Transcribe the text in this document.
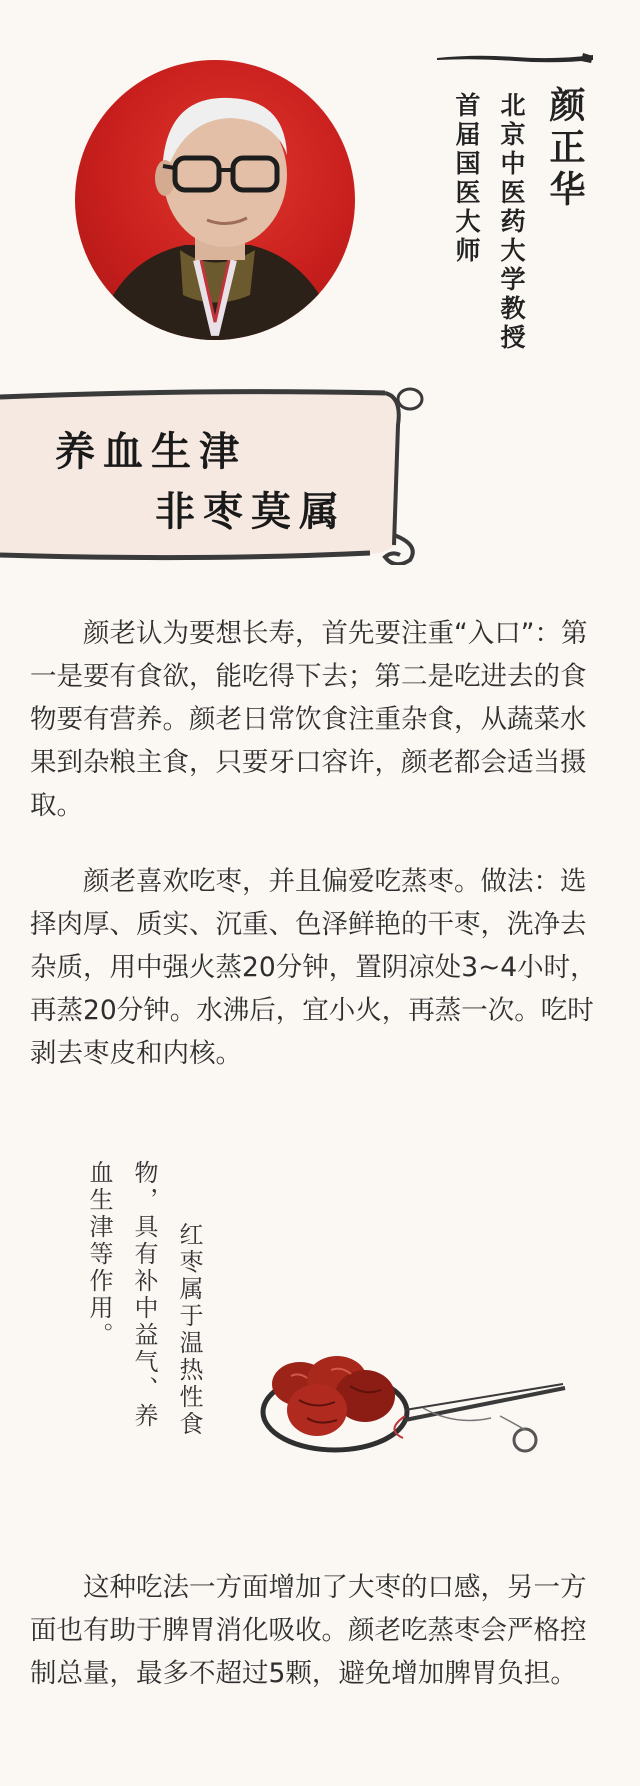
颜正华
北京中医药大学教授
首届国医大师
养血生津
非枣莫属

颜老认为要想长寿，首先要注重“入口”：第一是要有食欲，能吃得下去；第二是吃进去的食物要有营养。颜老日常饮食注重杂食，从蔬菜水果到杂粮主食，只要牙口容许，颜老都会适当摄取。

颜老喜欢吃枣，并且偏爱吃蒸枣。做法：选择肉厚、质实、沉重、色泽鲜艳的干枣，洗净去杂质，用中强火蒸20分钟，置阴凉处3~4小时，再蒸20分钟。水沸后，宜小火，再蒸一次。吃时剥去枣皮和内核。

红枣属于温热性食
物，具有补中益气、养
血生津等作用。

这种吃法一方面增加了大枣的口感，另一方面也有助于脾胃消化吸收。颜老吃蒸枣会严格控制总量，最多不超过5颗，避免增加脾胃负担。
